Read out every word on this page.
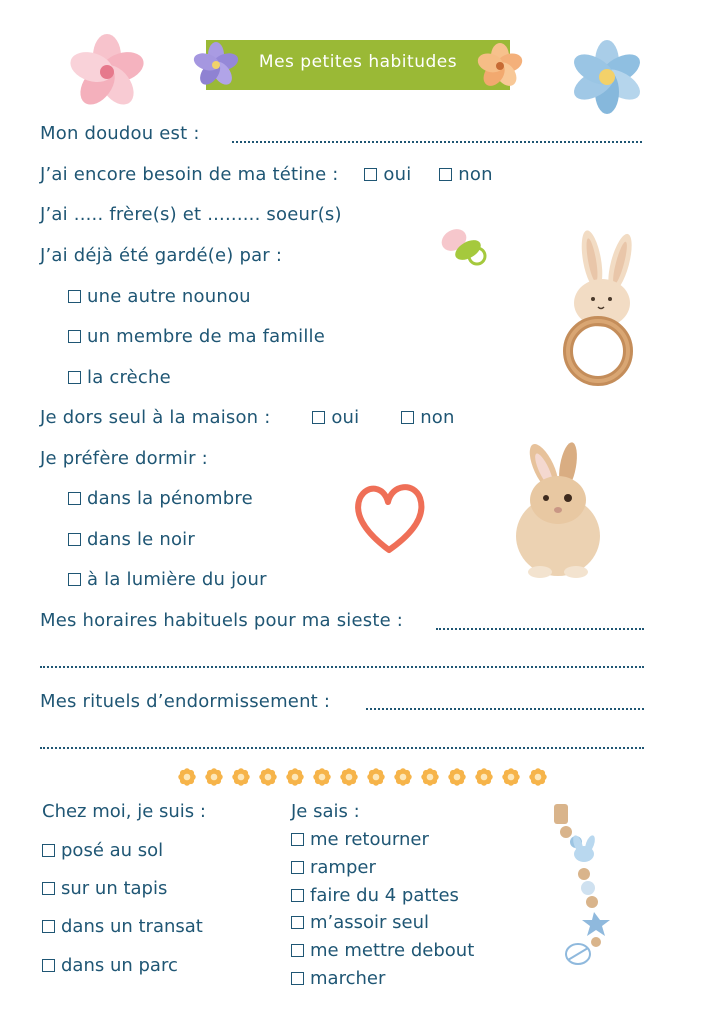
Mes petites habitudes
Mon doudou est :
J’ai encore besoin de ma tétine : oui	non
J’ai ..... frère(s) et ......... soeur(s)
J’ai déjà été gardé(e) par :
une autre nounou
un membre de ma famille
la crèche
Je dors seul à la maison :	oui	non
Je préfère dormir :
dans la pénombre
dans le noir
à la lumière du jour
Mes horaires habituels pour ma sieste :
Mes rituels d’endormissement :
Chez moi, je suis :
posé au sol
sur un tapis
dans un transat
dans un parc
Je sais :
me retourner
ramper
faire du 4 pattes
m’assoir seul
me mettre debout
marcher
